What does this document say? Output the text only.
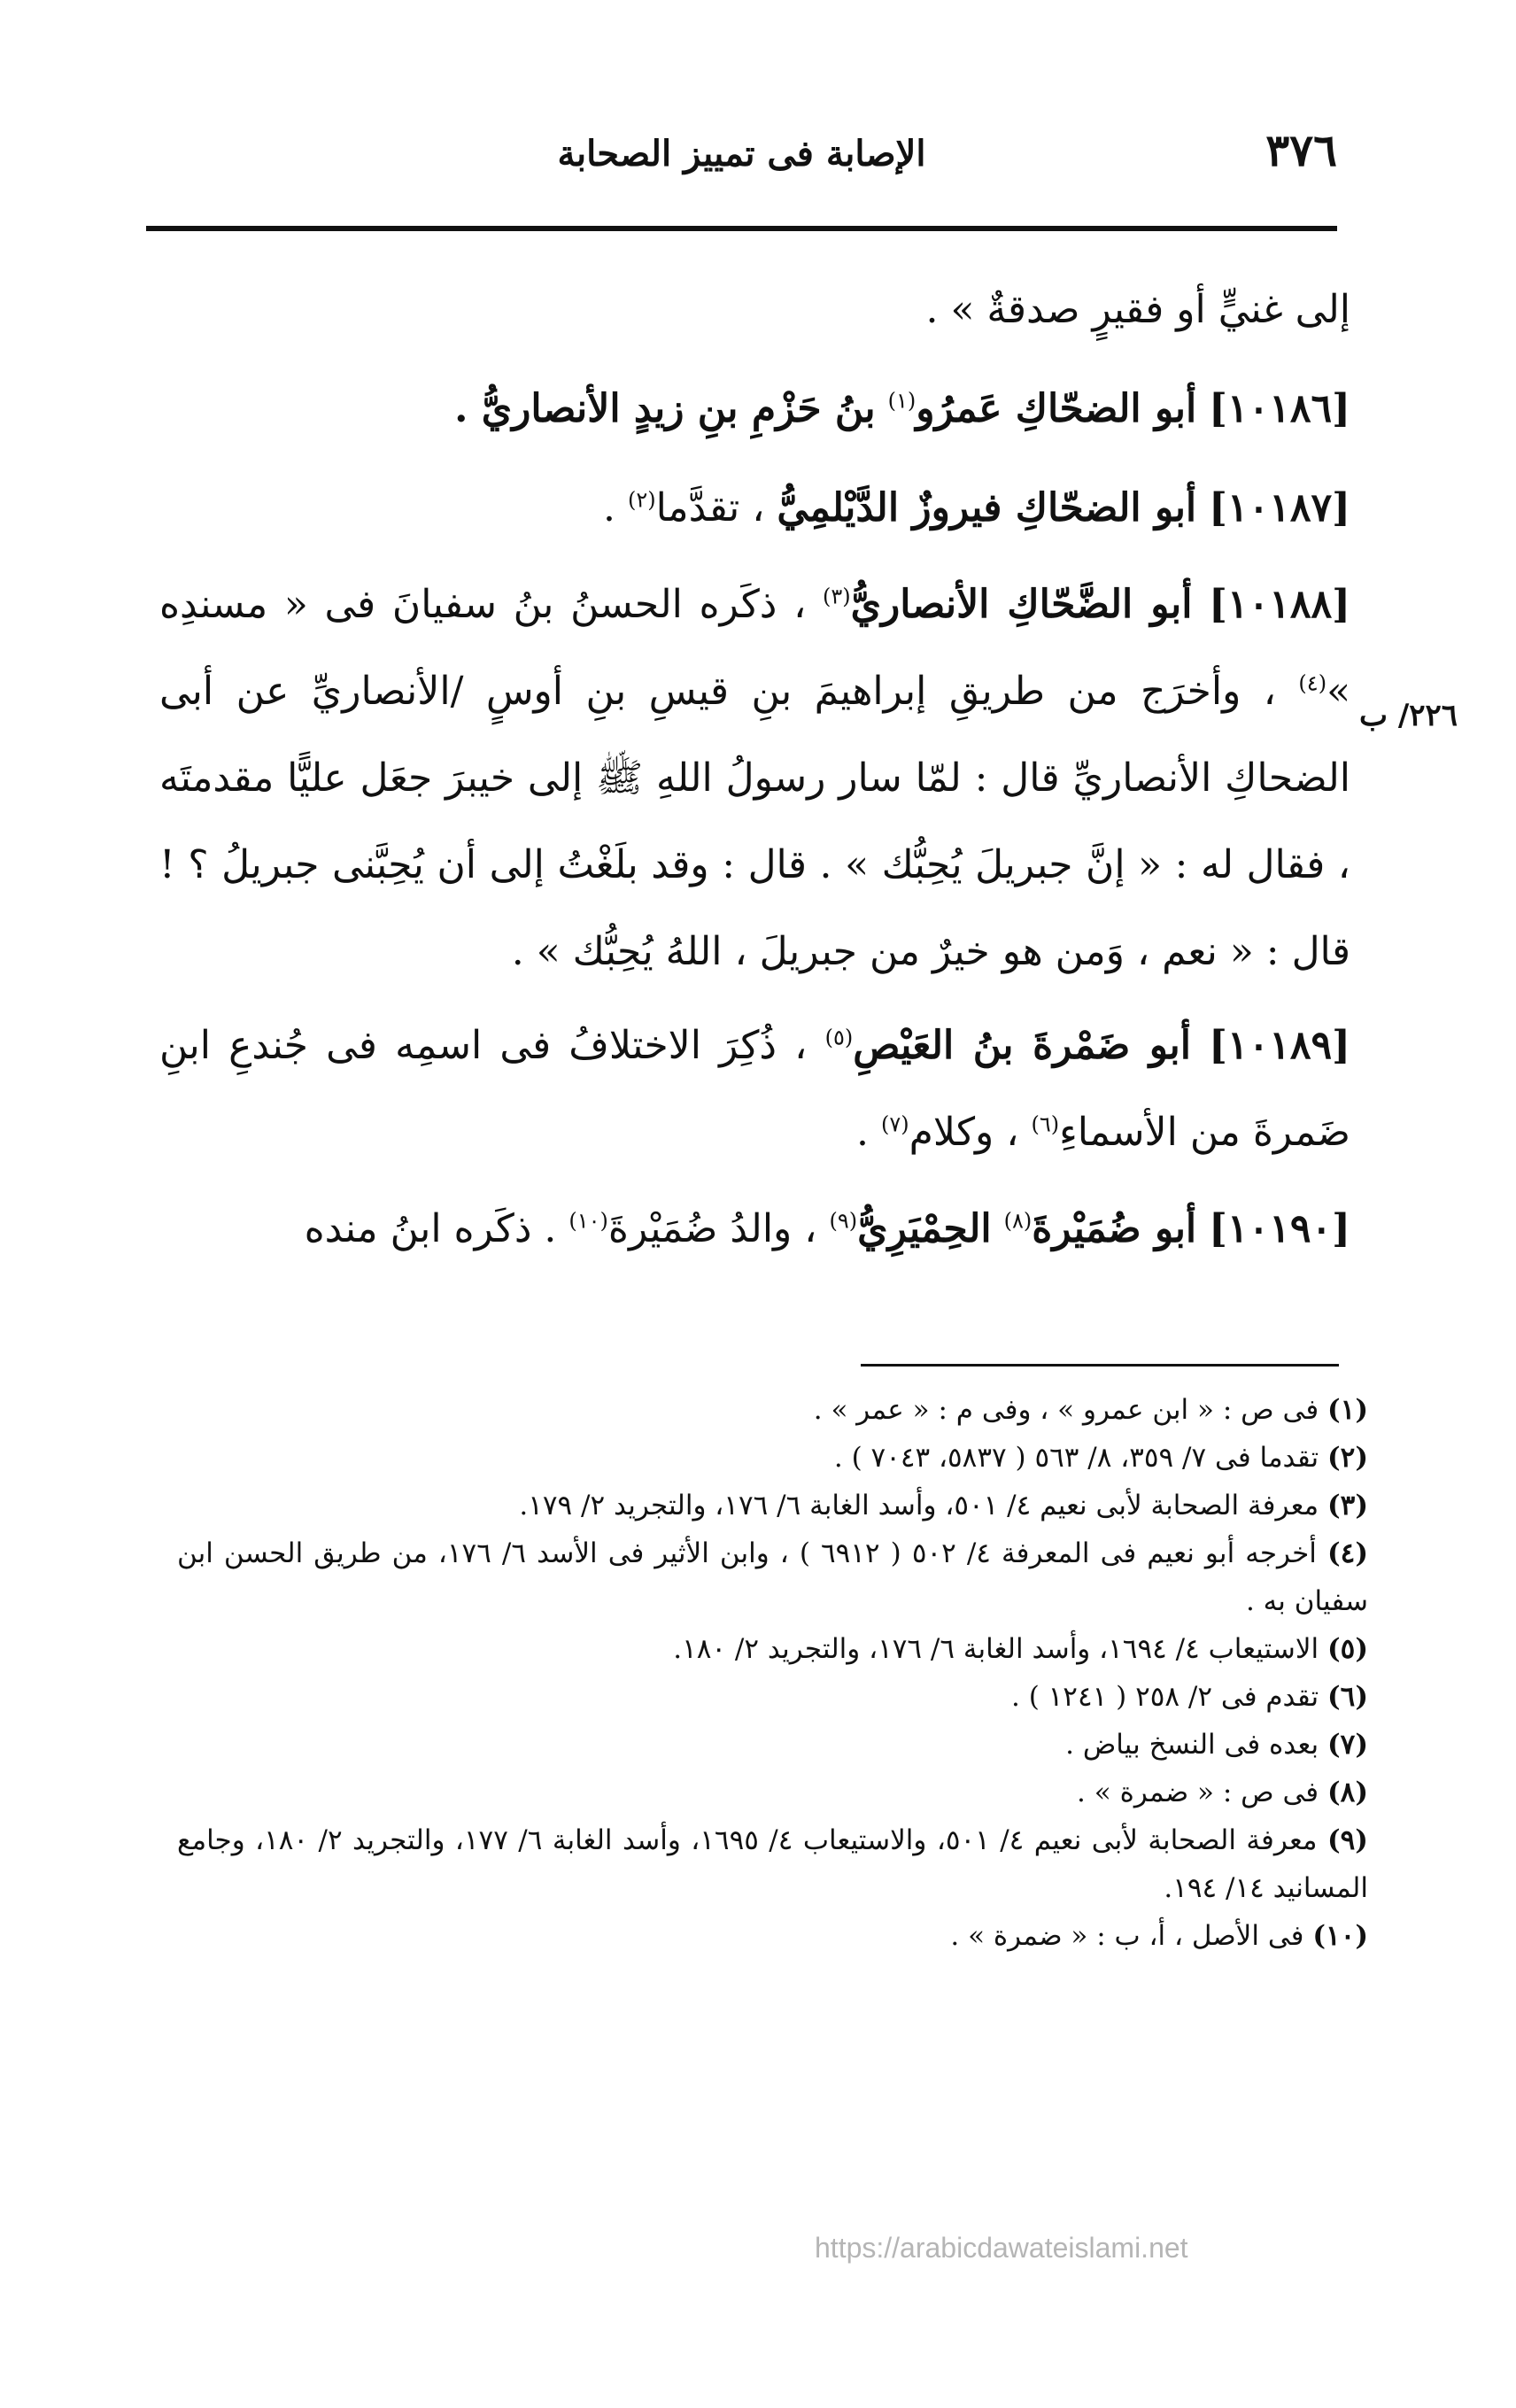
٣٧٦
الإصابة فى تمييز الصحابة
٢٢٦/ ب

إلى غنيٍّ أو فقيرٍ صدقةٌ » .

[١٠١٨٦] أبو الضحّاكِ عَمرُو$^{(١)}$ بنُ حَزْمِ بنِ زيدٍ الأنصاريُّ .

[١٠١٨٧] أبو الضحّاكِ فيروزٌ الدَّيْلمِيُّ ، تقدَّما$^{(٢)}$ .

[١٠١٨٨] أبو الضَّحّاكِ الأنصاريُّ$^{(٣)}$ ، ذكَره الحسنُ بنُ سفيانَ فى « مسندِه »$^{(٤)}$ ، وأخرَج من طريقِ إبراهيمَ بنِ قيسِ بنِ أوسٍ /الأنصاريِّ عن أبى الضحاكِ الأنصاريِّ قال : لمّا سار رسولُ اللهِ ﷺ إلى خيبرَ جعَل عليًّا مقدمتَه ، فقال له : « إنَّ جبريلَ يُحِبُّك » . قال : وقد بلَغْتُ إلى أن يُحِبَّنى جبريلُ ؟ ! قال : « نعم ، وَمن هو خيرٌ من جبريلَ ، اللهُ يُحِبُّك » .

[١٠١٨٩] أبو ضَمْرةَ بنُ العَيْصِ$^{(٥)}$ ، ذُكِرَ الاختلافُ فى اسمِه فى جُندعِ ابنِ ضَمرةَ من الأسماءِ$^{(٦)}$ ، وكلام$^{(٧)}$ .

[١٠١٩٠] أبو ضُمَيْرةَ$^{(٨)}$ الحِمْيَرِيُّ$^{(٩)}$ ، والدُ ضُمَيْرةَ$^{(١٠)}$ . ذكَره ابنُ منده

(١) فى ص : « ابن عمرو » ، وفى م : « عمر » .

(٢) تقدما فى ٧/ ٣٥٩، ٨/ ٥٦٣ ( ٥٨٣٧، ٧٠٤٣ ) .

(٣) معرفة الصحابة لأبى نعيم ٤/ ٥٠١، وأسد الغابة ٦/ ١٧٦، والتجريد ٢/ ١٧٩.

(٤) أخرجه أبو نعيم فى المعرفة ٤/ ٥٠٢ ( ٦٩١٢ ) ، وابن الأثير فى الأسد ٦/ ١٧٦، من طريق الحسن ابن سفيان به .

(٥) الاستيعاب ٤/ ١٦٩٤، وأسد الغابة ٦/ ١٧٦، والتجريد ٢/ ١٨٠.

(٦) تقدم فى ٢/ ٢٥٨ ( ١٢٤١ ) .

(٧) بعده فى النسخ بياض .

(٨) فى ص : « ضمرة » .

(٩) معرفة الصحابة لأبى نعيم ٤/ ٥٠١، والاستيعاب ٤/ ١٦٩٥، وأسد الغابة ٦/ ١٧٧، والتجريد ٢/ ١٨٠، وجامع المسانيد ١٤/ ١٩٤.

(١٠) فى الأصل ، أ، ب : « ضمرة » .

https://arabicdawateislami.net
